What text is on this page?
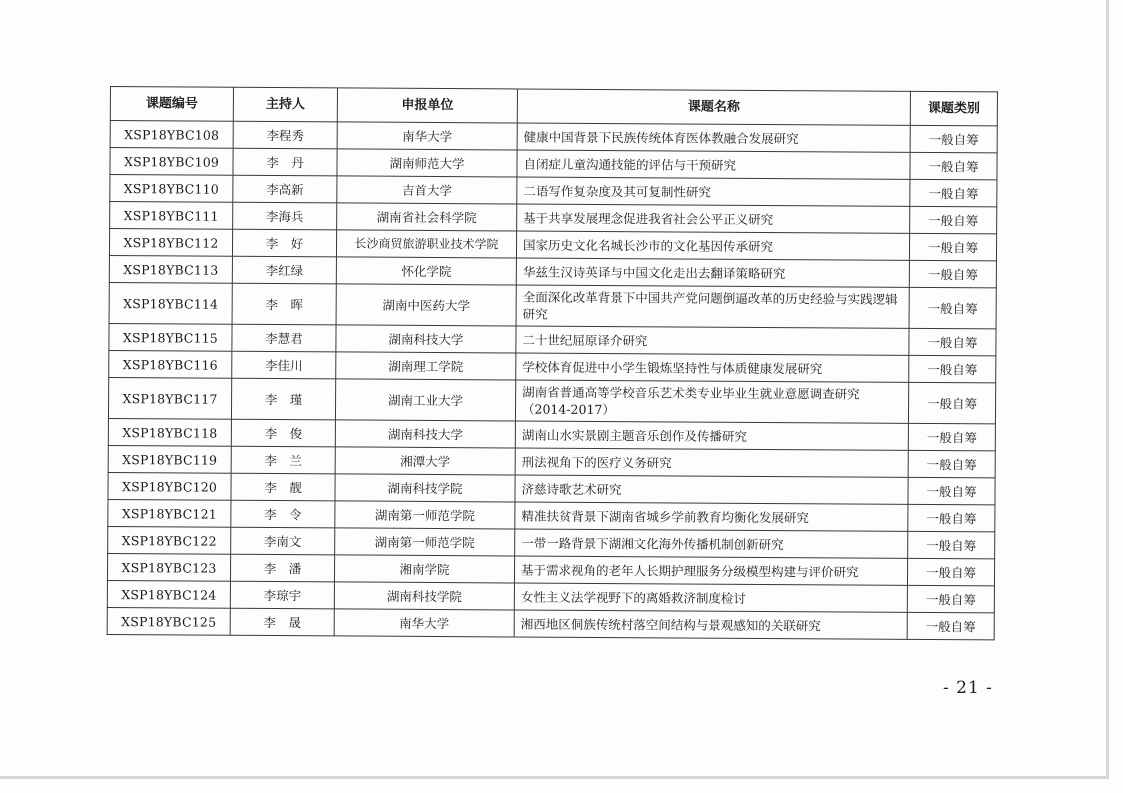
课题编号	主持人	申报单位	课题名称	课题类别
XSP18YBC108	李程秀	南华大学	健康中国背景下民族传统体育医体教融合发展研究	一般自筹
XSP18YBC109	李　丹	湖南师范大学	自闭症儿童沟通技能的评估与干预研究	一般自筹
XSP18YBC110	李高新	吉首大学	二语写作复杂度及其可复制性研究	一般自筹
XSP18YBC111	李海兵	湖南省社会科学院	基于共享发展理念促进我省社会公平正义研究	一般自筹
XSP18YBC112	李　好	长沙商贸旅游职业技术学院	国家历史文化名城长沙市的文化基因传承研究	一般自筹
XSP18YBC113	李红绿	怀化学院	华兹生汉诗英译与中国文化走出去翻译策略研究	一般自筹
XSP18YBC114	李　晖	湖南中医药大学	全面深化改革背景下中国共产党问题倒逼改革的历史经验与实践逻辑研究	一般自筹
XSP18YBC115	李慧君	湖南科技大学	二十世纪屈原译介研究	一般自筹
XSP18YBC116	李佳川	湖南理工学院	学校体育促进中小学生锻炼坚持性与体质健康发展研究	一般自筹
XSP18YBC117	李　瑾	湖南工业大学	湖南省普通高等学校音乐艺术类专业毕业生就业意愿调查研究（2014-2017）	一般自筹
XSP18YBC118	李　俊	湖南科技大学	湖南山水实景剧主题音乐创作及传播研究	一般自筹
XSP18YBC119	李　兰	湘潭大学	刑法视角下的医疗义务研究	一般自筹
XSP18YBC120	李　靓	湖南科技学院	济慈诗歌艺术研究	一般自筹
XSP18YBC121	李　令	湖南第一师范学院	精准扶贫背景下湖南省城乡学前教育均衡化发展研究	一般自筹
XSP18YBC122	李南文	湖南第一师范学院	一带一路背景下湖湘文化海外传播机制创新研究	一般自筹
XSP18YBC123	李　潘	湘南学院	基于需求视角的老年人长期护理服务分级模型构建与评价研究	一般自筹
XSP18YBC124	李琼宇	湖南科技学院	女性主义法学视野下的离婚救济制度检讨	一般自筹
XSP18YBC125	李　晟	南华大学	湘西地区侗族传统村落空间结构与景观感知的关联研究	一般自筹
- 21 -
